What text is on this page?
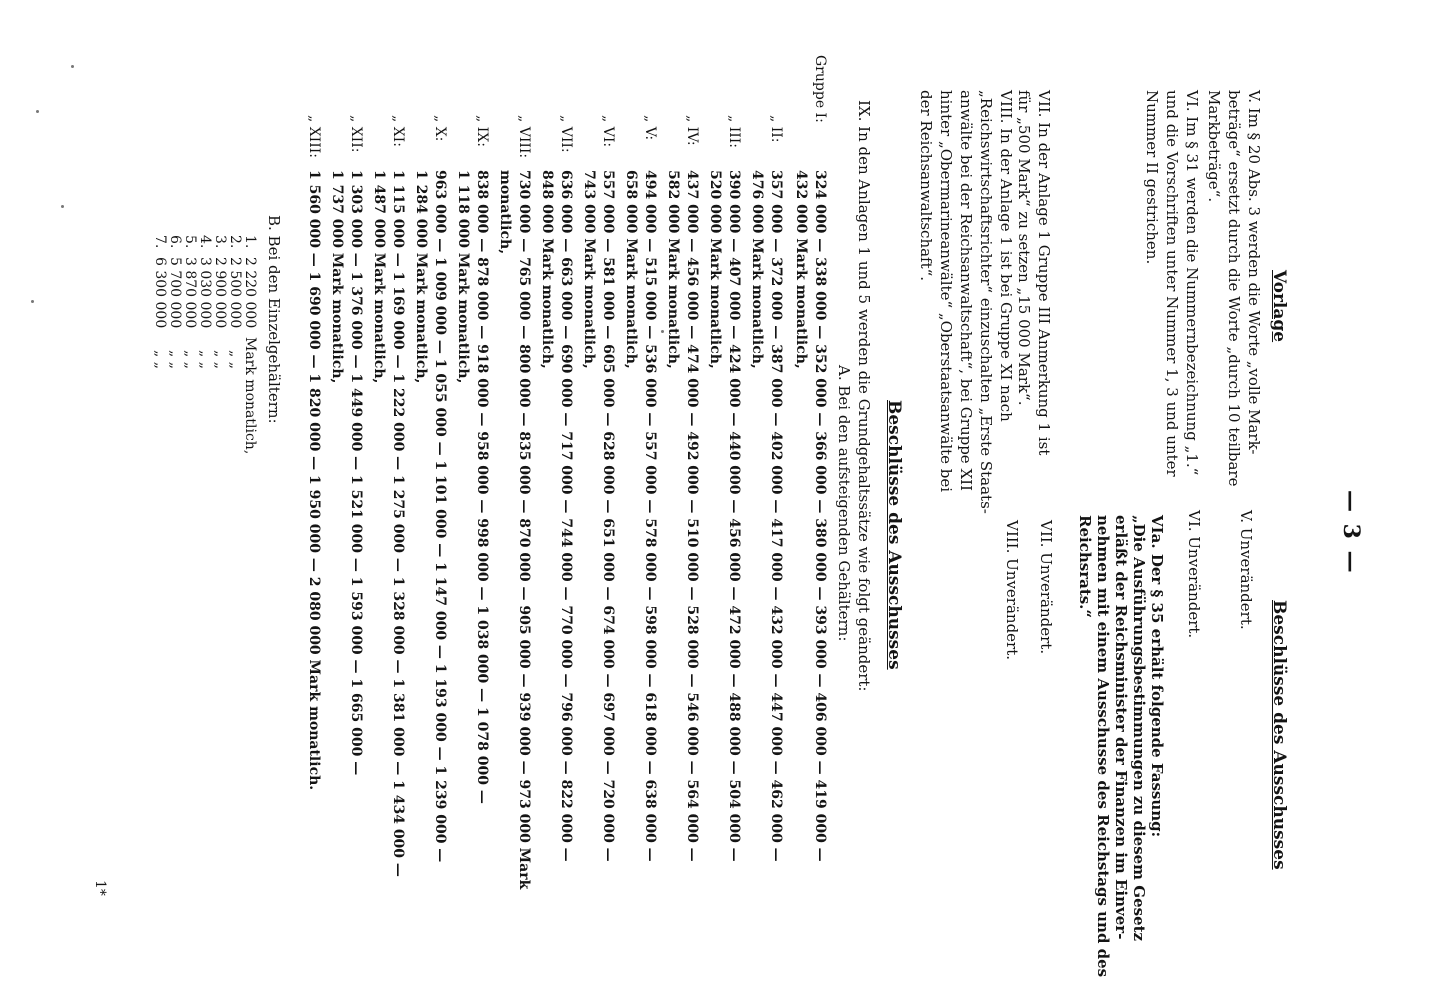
— 3 —
Vorlage
V. Im § 20 Abs. 3 werden die Worte „volle Mark-
beträge“ ersetzt durch die Worte „durch 10 teilbare
Markbeträge“.
VI. Im § 31 werden die Nummernbezeichnung „1.“
und die Vorschriften unter Nummer 1, 3 und unter
Nummer II gestrichen.
Beschlüsse des Ausschusses
V. Unverändert.
VI. Unverändert.
VIa. Der § 35 erhält folgende Fassung:
„Die Ausführungsbestimmungen zu diesem Gesetz
erläßt der Reichsminister der Finanzen im Einver-
nehmen mit einem Ausschusse des Reichstags und des
Reichsrats.“
VII. Unverändert.
VIII. Unverändert.
VII. In der Anlage 1 Gruppe III Anmerkung 1 ist
für „500 Mark“ zu setzen „15 000 Mark“.
VIII. In der Anlage 1 ist bei Gruppe XI nach
„Reichswirtschaftsrichter“ einzuschalten „Erste Staats-
anwälte bei der Reichsanwaltschaft“, bei Gruppe XII
hinter „Obermarineanwälte“ „Oberstaatsanwälte bei
der Reichsanwaltschaft“.
Beschlüsse des Ausschusses
IX. In den Anlagen 1 und 5 werden die Grundgehaltssätze wie folgt geändert:
A. Bei den aufsteigenden Gehältern:
Gruppe I:
324 000 — 338 000 — 352 000 — 366 000 — 380 000 — 393 000 — 406 000 — 419 000 —
432 000 Mark monatlich,
„ II:
357 000 — 372 000 — 387 000 — 402 000 — 417 000 — 432 000 — 447 000 — 462 000 —
476 000 Mark monatlich,
„ III:
390 000 — 407 000 — 424 000 — 440 000 — 456 000 — 472 000 — 488 000 — 504 000 —
520 000 Mark monatlich,
„ IV:
437 000 — 456 000 — 474 000 — 492 000 — 510 000 — 528 000 — 546 000 — 564 000 —
582 000 Mark monatlich,
„ V:
494 000 — 515 000 — 536 000 — 557 000 — 578 000 — 598 000 — 618 000 — 638 000 —
658 000 Mark monatlich,
„ VI:
557 000 — 581 000 — 605 000 — 628 000 — 651 000 — 674 000 — 697 000 — 720 000 —
743 000 Mark monatlich,
„ VII:
636 000 — 663 000 — 690 000 — 717 000 — 744 000 — 770 000 — 796 000 — 822 000 —
848 000 Mark monatlich,
„ VIII:
730 000 — 765 000 — 800 000 — 835 000 — 870 000 — 905 000 — 939 000 — 973 000 Mark
monatlich,
„ IX:
838 000 — 878 000 — 918 000 — 958 000 — 998 000 — 1 038 000 — 1 078 000 —
1 118 000 Mark monatlich,
„ X:
963 000 — 1 009 000 — 1 055 000 — 1 101 000 — 1 147 000 — 1 193 000 — 1 239 000 —
1 284 000 Mark monatlich,
„ XI:
1 115 000 — 1 169 000 — 1 222 000 — 1 275 000 — 1 328 000 — 1 381 000 — 1 434 000 —
1 487 000 Mark monatlich,
„ XII:
1 303 000 — 1 376 000 — 1 449 000 — 1 521 000 — 1 593 000 — 1 665 000 —
1 737 000 Mark monatlich,
„ XIII:
1 560 000 — 1 690 000 — 1 820 000 — 1 950 000 — 2 080 000 Mark monatlich.
B. Bei den Einzelgehältern:
1.
2 220 000
Mark monatlich,
2.
2 500 000
„ „
3.
2 900 000
„ „
4.
3 030 000
„ „
5.
3 870 000
„ „
6.
5 700 000
„ „
7.
6 300 000
„ „
1*
